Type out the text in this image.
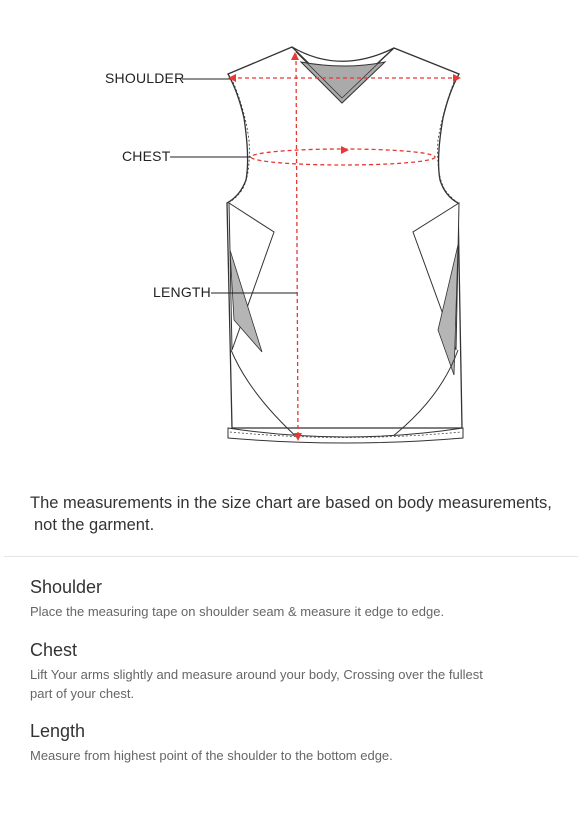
SHOULDER
CHEST
LENGTH
The measurements in the size chart are based on body measurements,
not the garment.
Shoulder

Place the measuring tape on shoulder seam & measure it edge to edge.

Chest

Lift Your arms slightly and measure around your body, Crossing over the fullest
part of your chest.

Length

Measure from highest point of the shoulder to the bottom edge.
